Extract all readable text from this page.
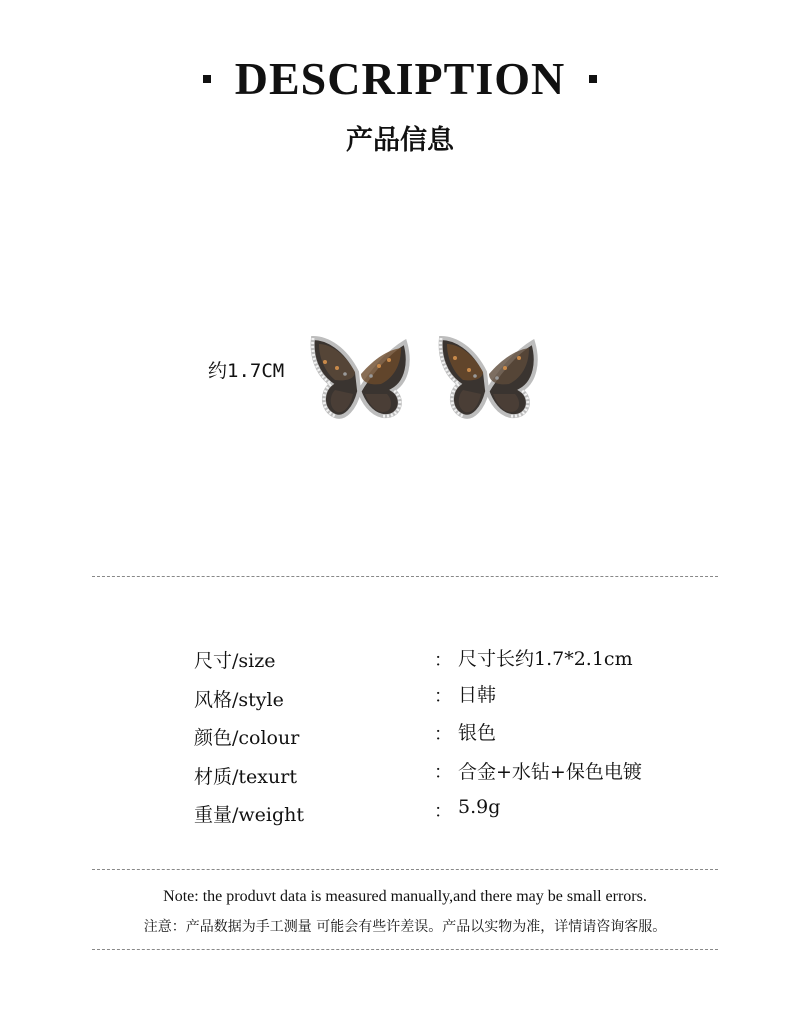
DESCRIPTION
产品信息
约1.7CM
尺寸/size	： 尺寸长约1.7*2.1cm
风格/style	： 日韩
颜色/colour	： 银色
材质/texurt	： 合金+水钻+保色电镀
重量/weight	： 5.9g
Note: the produvt data is measured manually,and there may be small errors.
注意：产品数据为手工测量 可能会有些许差误。产品以实物为准，详情请咨询客服。
